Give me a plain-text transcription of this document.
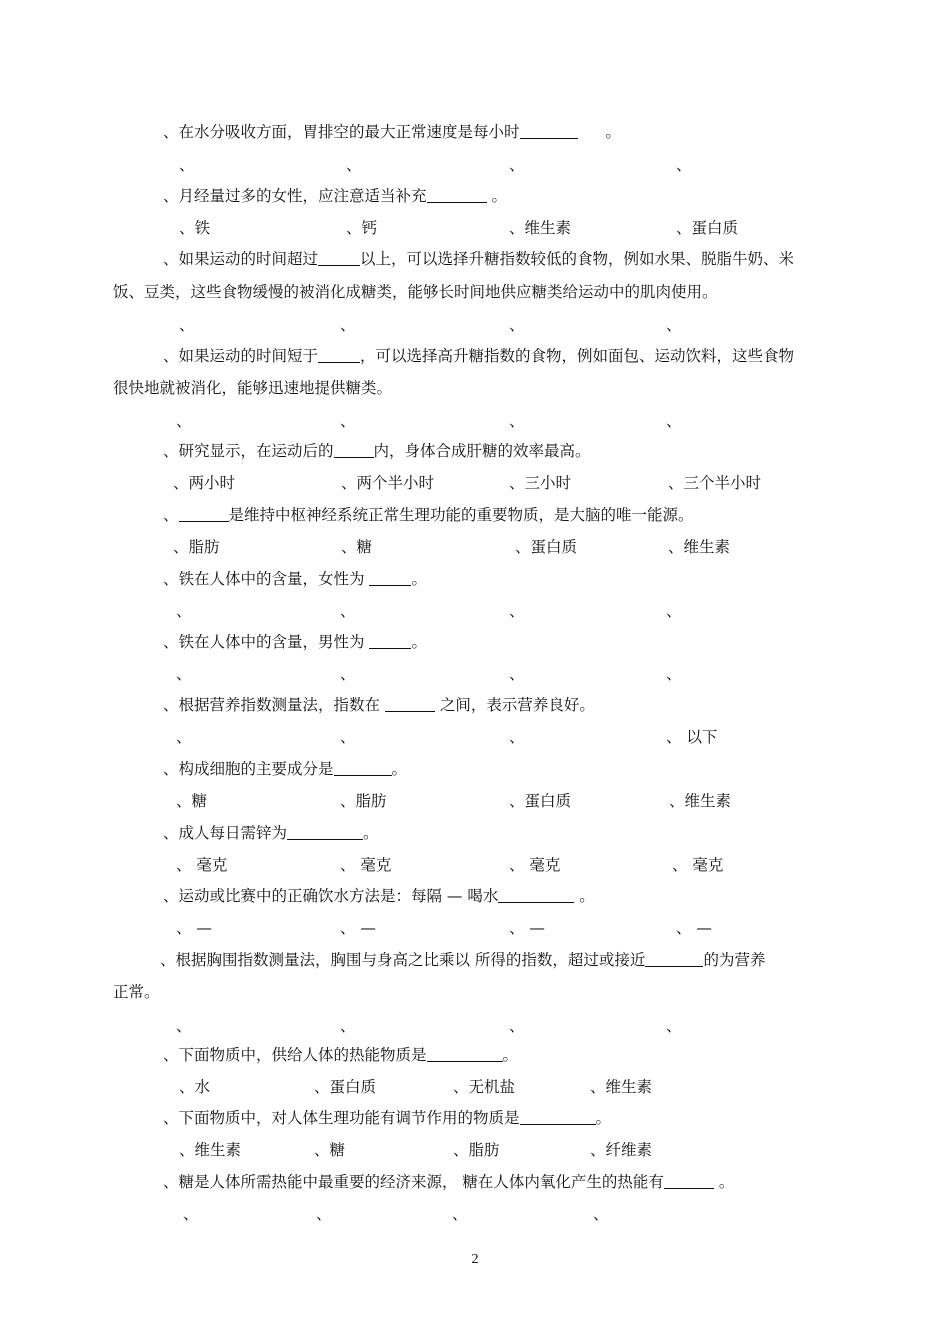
、在水分吸收方面，胃排空的最大正常速度是每小时	。
、	、	、	、
、月经量过多的女性，应注意适当补充	。
、铁	、钙	、维生素	、蛋白质
、如果运动的时间超过	以上，可以选择升糖指数较低的食物，例如水果、脱脂牛奶、米
饭、豆类，这些食物缓慢的被消化成糖类，能够长时间地供应糖类给运动中的肌肉使用。
、	、	、	、
、如果运动的时间短于	，可以选择高升糖指数的食物，例如面包、运动饮料，这些食物
很快地就被消化，能够迅速地提供糖类。
、	、	、	、
、研究显示，在运动后的	内，身体合成肝糖的效率最高。
、两小时	、两个半小时	、三小时	、三个半小时
、	是维持中枢神经系统正常生理功能的重要物质，是大脑的唯一能源。
、脂肪	、糖	、蛋白质	、维生素
、铁在人体中的含量，女性为	。
、	、	、	、
、铁在人体中的含量，男性为	。
、	、	、	、
、根据营养指数测量法，指数在	之间，表示营养良好。
、	、	、	、 以下
、构成细胞的主要成分是	。
、糖	、脂肪	、蛋白质	、维生素
、成人每日需锌为	。
、 毫克	、 毫克	、 毫克	、 毫克
、运动或比赛中的正确饮水方法是：每隔 — 喝水	。
、 —	、 —	、 —	、 —
、根据胸围指数测量法，胸围与身高之比乘以 所得的指数，超过或接近	的为营养
正常。
、	、	、	、
、下面物质中，供给人体的热能物质是	。
、水	、蛋白质	、无机盐	、维生素
、下面物质中，对人体生理功能有调节作用的物质是	。
、维生素	、糖	、脂肪	、纤维素
、糖是人体所需热能中最重要的经济来源， 糖在人体内氧化产生的热能有	。
、	、	、	、
2
